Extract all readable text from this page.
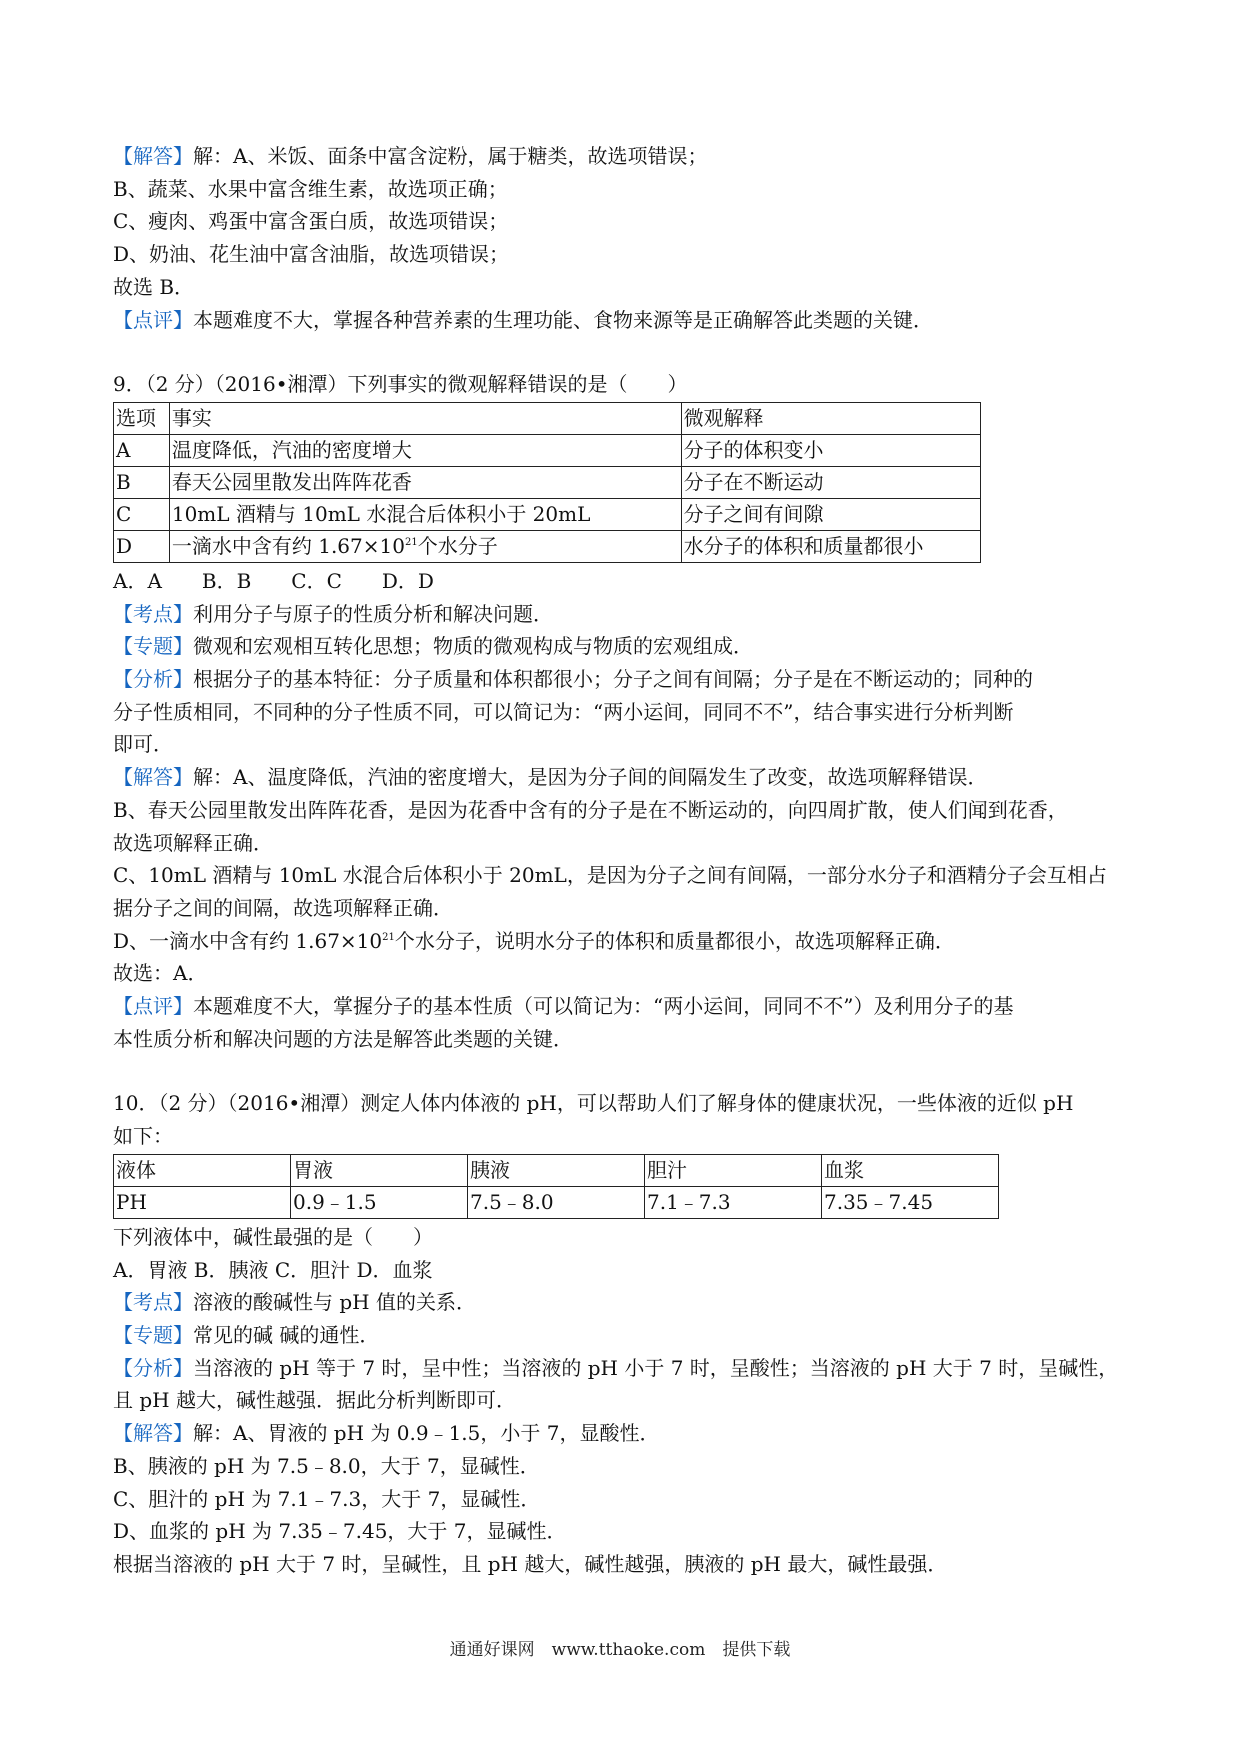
【解答】解：A、米饭、面条中富含淀粉，属于糖类，故选项错误；
B、蔬菜、水果中富含维生素，故选项正确；
C、瘦肉、鸡蛋中富含蛋白质，故选项错误；
D、奶油、花生油中富含油脂，故选项错误；
故选 B．
【点评】本题难度不大，掌握各种营养素的生理功能、食物来源等是正确解答此类题的关键．
9．（2 分）（2016•湘潭）下列事实的微观解释错误的是（　　）
选项	事实	微观解释
A	温度降低，汽油的密度增大	分子的体积变小
B	春天公园里散发出阵阵花香	分子在不断运动
C	10mL 酒精与 10mL 水混合后体积小于 20mL	分子之间有间隙
D	一滴水中含有约 $1.67\times 10^{21}$个水分子	水分子的体积和质量都很小
A．A　　B．B　　C．C　　D．D
【考点】利用分子与原子的性质分析和解决问题．
【专题】微观和宏观相互转化思想；物质的微观构成与物质的宏观组成．
【分析】根据分子的基本特征：分子质量和体积都很小；分子之间有间隔；分子是在不断运动的；同种的
分子性质相同，不同种的分子性质不同，可以简记为：“两小运间，同同不不”，结合事实进行分析判断
即可．
【解答】解：A、温度降低，汽油的密度增大，是因为分子间的间隔发生了改变，故选项解释错误．
B、春天公园里散发出阵阵花香，是因为花香中含有的分子是在不断运动的，向四周扩散，使人们闻到花香，
故选项解释正确．
C、10mL 酒精与 10mL 水混合后体积小于 20mL，是因为分子之间有间隔，一部分水分子和酒精分子会互相占
据分子之间的间隔，故选项解释正确．
D、一滴水中含有约 $1.67\times 10^{21}$个水分子，说明水分子的体积和质量都很小，故选项解释正确．
故选：A．
【点评】本题难度不大，掌握分子的基本性质（可以简记为：“两小运间，同同不不”）及利用分子的基
本性质分析和解决问题的方法是解答此类题的关键．
10．（2 分）（2016•湘潭）测定人体内体液的 pH，可以帮助人们了解身体的健康状况，一些体液的近似 pH
如下：
液体	胃液	胰液	胆汁	血浆
PH	0.9﹣1.5	7.5﹣8.0	7.1﹣7.3	7.35﹣7.45
下列液体中，碱性最强的是（　　）
A．胃液 B．胰液 C．胆汁 D．血浆
【考点】溶液的酸碱性与 pH 值的关系．
【专题】常见的碱 碱的通性．
【分析】当溶液的 pH 等于 7 时，呈中性；当溶液的 pH 小于 7 时，呈酸性；当溶液的 pH 大于 7 时，呈碱性，
且 pH 越大，碱性越强．据此分析判断即可．
【解答】解：A、胃液的 pH 为 0.9﹣1.5，小于 7，显酸性．
B、胰液的 pH 为 7.5﹣8.0，大于 7，显碱性．
C、胆汁的 pH 为 7.1﹣7.3，大于 7，显碱性．
D、血浆的 pH 为 7.35﹣7.45，大于 7，显碱性．
根据当溶液的 pH 大于 7 时，呈碱性，且 pH 越大，碱性越强，胰液的 pH 最大，碱性最强．
通通好课网　www.tthaoke.com　提供下载
